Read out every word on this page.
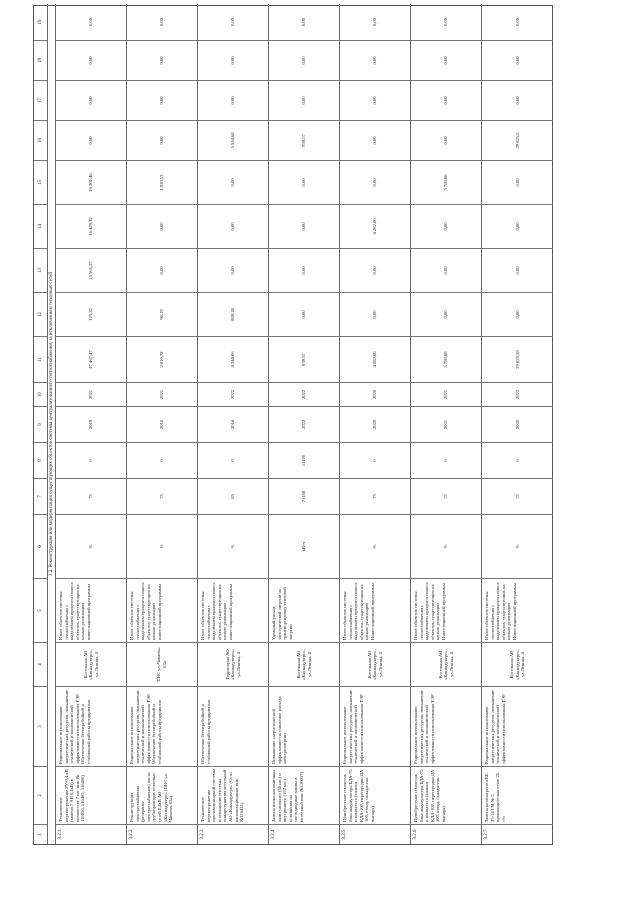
1
2
3
4
5
6
7
8
9
10
11
12
13
14
15
16
17
18
19
3.2. Реконструкция или модернизация существующих объектов системы централизованного теплоснабжения, за исключением тепловых сетей
3.2.1
Техническое перевооружение РУ-0,4 кВ (замена 7 АВ 0,4кВ) в количестве 7 шт. инв. № 116056, 116465, 116466)
Рациональное использование энергетических ресурсов, повышение технической и экономической эффективности использования ТЭР. Обеспечение бесперебойной и стабильной работы предприятия
Котельная АО «Какнадуверо», ул.Ленина, 4
Износ объектов системы теплоснабжения с выделением процента износа объектов, существующих на начало реализации инвестиционной программы
%
75
0
2019
2021
47 467,47
123,32
15 565,57
15 429,32
16 301,46
0,00
0,00
0,00
0,00
3.2.2
Реконструкция электроснабжения (резервное электроснабжение) части трубопроводов тепловых сетей 0,4кВ АО «Какнадуверо» (ПНС ул. Чапаева, 63а)
Рациональное использование энергетических ресурсов, повышение технической и экономической эффективности использования ТЭР. Обеспечение бесперебойной и стабильной работы предприятия
ПНС ул. Чапаева, 63а
Износ объектов системы теплоснабжения с выделением процента износа объектов, существующих на начало реализации инвестиционной программы
%
75
0
2016
2021
2 010,72
90,19
0,00
0,00
1 920,53
0,00
0,00
0,00
0,00
3.2.3
Техническое перевооружение противопожарной системы и оснащение системы пожаротушения котельной АО «Какнадуверо» (Сети канализационные инв. №116411)
Обеспечение бесперебойной и стабильной работы предприятия
Территория АО «Какнадуверо», ул.Ленина, 4
Износ объектов системы теплоснабжения с выделением процента износа объектов, существующих на начало реализации инвестиционной программы
%
85
0
2016
2022
4 344,06
809,38
0,00
0,00
0,00
3 534,68
0,00
0,00
0,00
3.2.4
Замена низкоэкономичных ламп уличного (50 шт.) и внутреннего (162 шт.) освещения на светодиодные лампы в котельной инв. №120017)
Повышение энергетической эффективности, снижение расхода электроэнергии
Котельная АО «Какнадуверо», ул.Ленина, 4
Удельный расход электрической энергии на транспортировку тепловой энергии
кВтч
71188
11160
2022
2022
939,57
0,00
0,00
0,00
0,00
939,57
0,00
0,00
0,00
3.2.5
Приобретение и монтаж бака аккумулятора БДА-75 и комплекта (клапан КДА-100, перегородки ДА 100, отвод, охладитель выпара)
Рациональное использование энергетических ресурсов, повышение технической и экономической эффективности использования ТЭР
Котельная АО «Какнадуверо», ул.Ленина, 4
Износ объектов системы теплоснабжения с выделением процента износа объектов, существующих на начало реализации Инвестиционной программы
%
75
0
2020
2020
4 282,80
0,00
0,00
4 282,80
0,00
0,00
0,00
0,00
0,00
3.2.6
Приобретение и монтаж бака аккумулятора БДА-75 и комплекта (клапан КДА-100, перегородки ДА 100, отвод, охладитель выпара)
Рациональное использование энергетических ресурсов, повышение технической и экономической эффективности использования ТЭР
Котельная АО «Какнадуверо», ул.Ленина, 4
Износ объектов системы теплоснабжения с выделением процента износа объектов, существующих на начало реализации Инвестиционной программы
%
75
0
2021
2021
5 780,88
0,00
0,00
0,00
5 780,88
0,00
0,00
0,00
0,00
3.2.7
Замена котлоагрегата КЕ 25-14 ГМ № 5, производительностью 25 т/ч
Рациональное использование энергетических ресурсов, повышение технической и экономической эффективности использования ТЭР
Котельная АО «Какнадуверо», ул.Ленина, 4
Износ объектов системы теплоснабжения с выделением процента износа объектов, существующих на начало реализации Инвестиционной программы
%
75
0
2020
2022
29 825,59
0,00
0,00
0,00
0,00
29 825,5
0,00
0,00
0,00
